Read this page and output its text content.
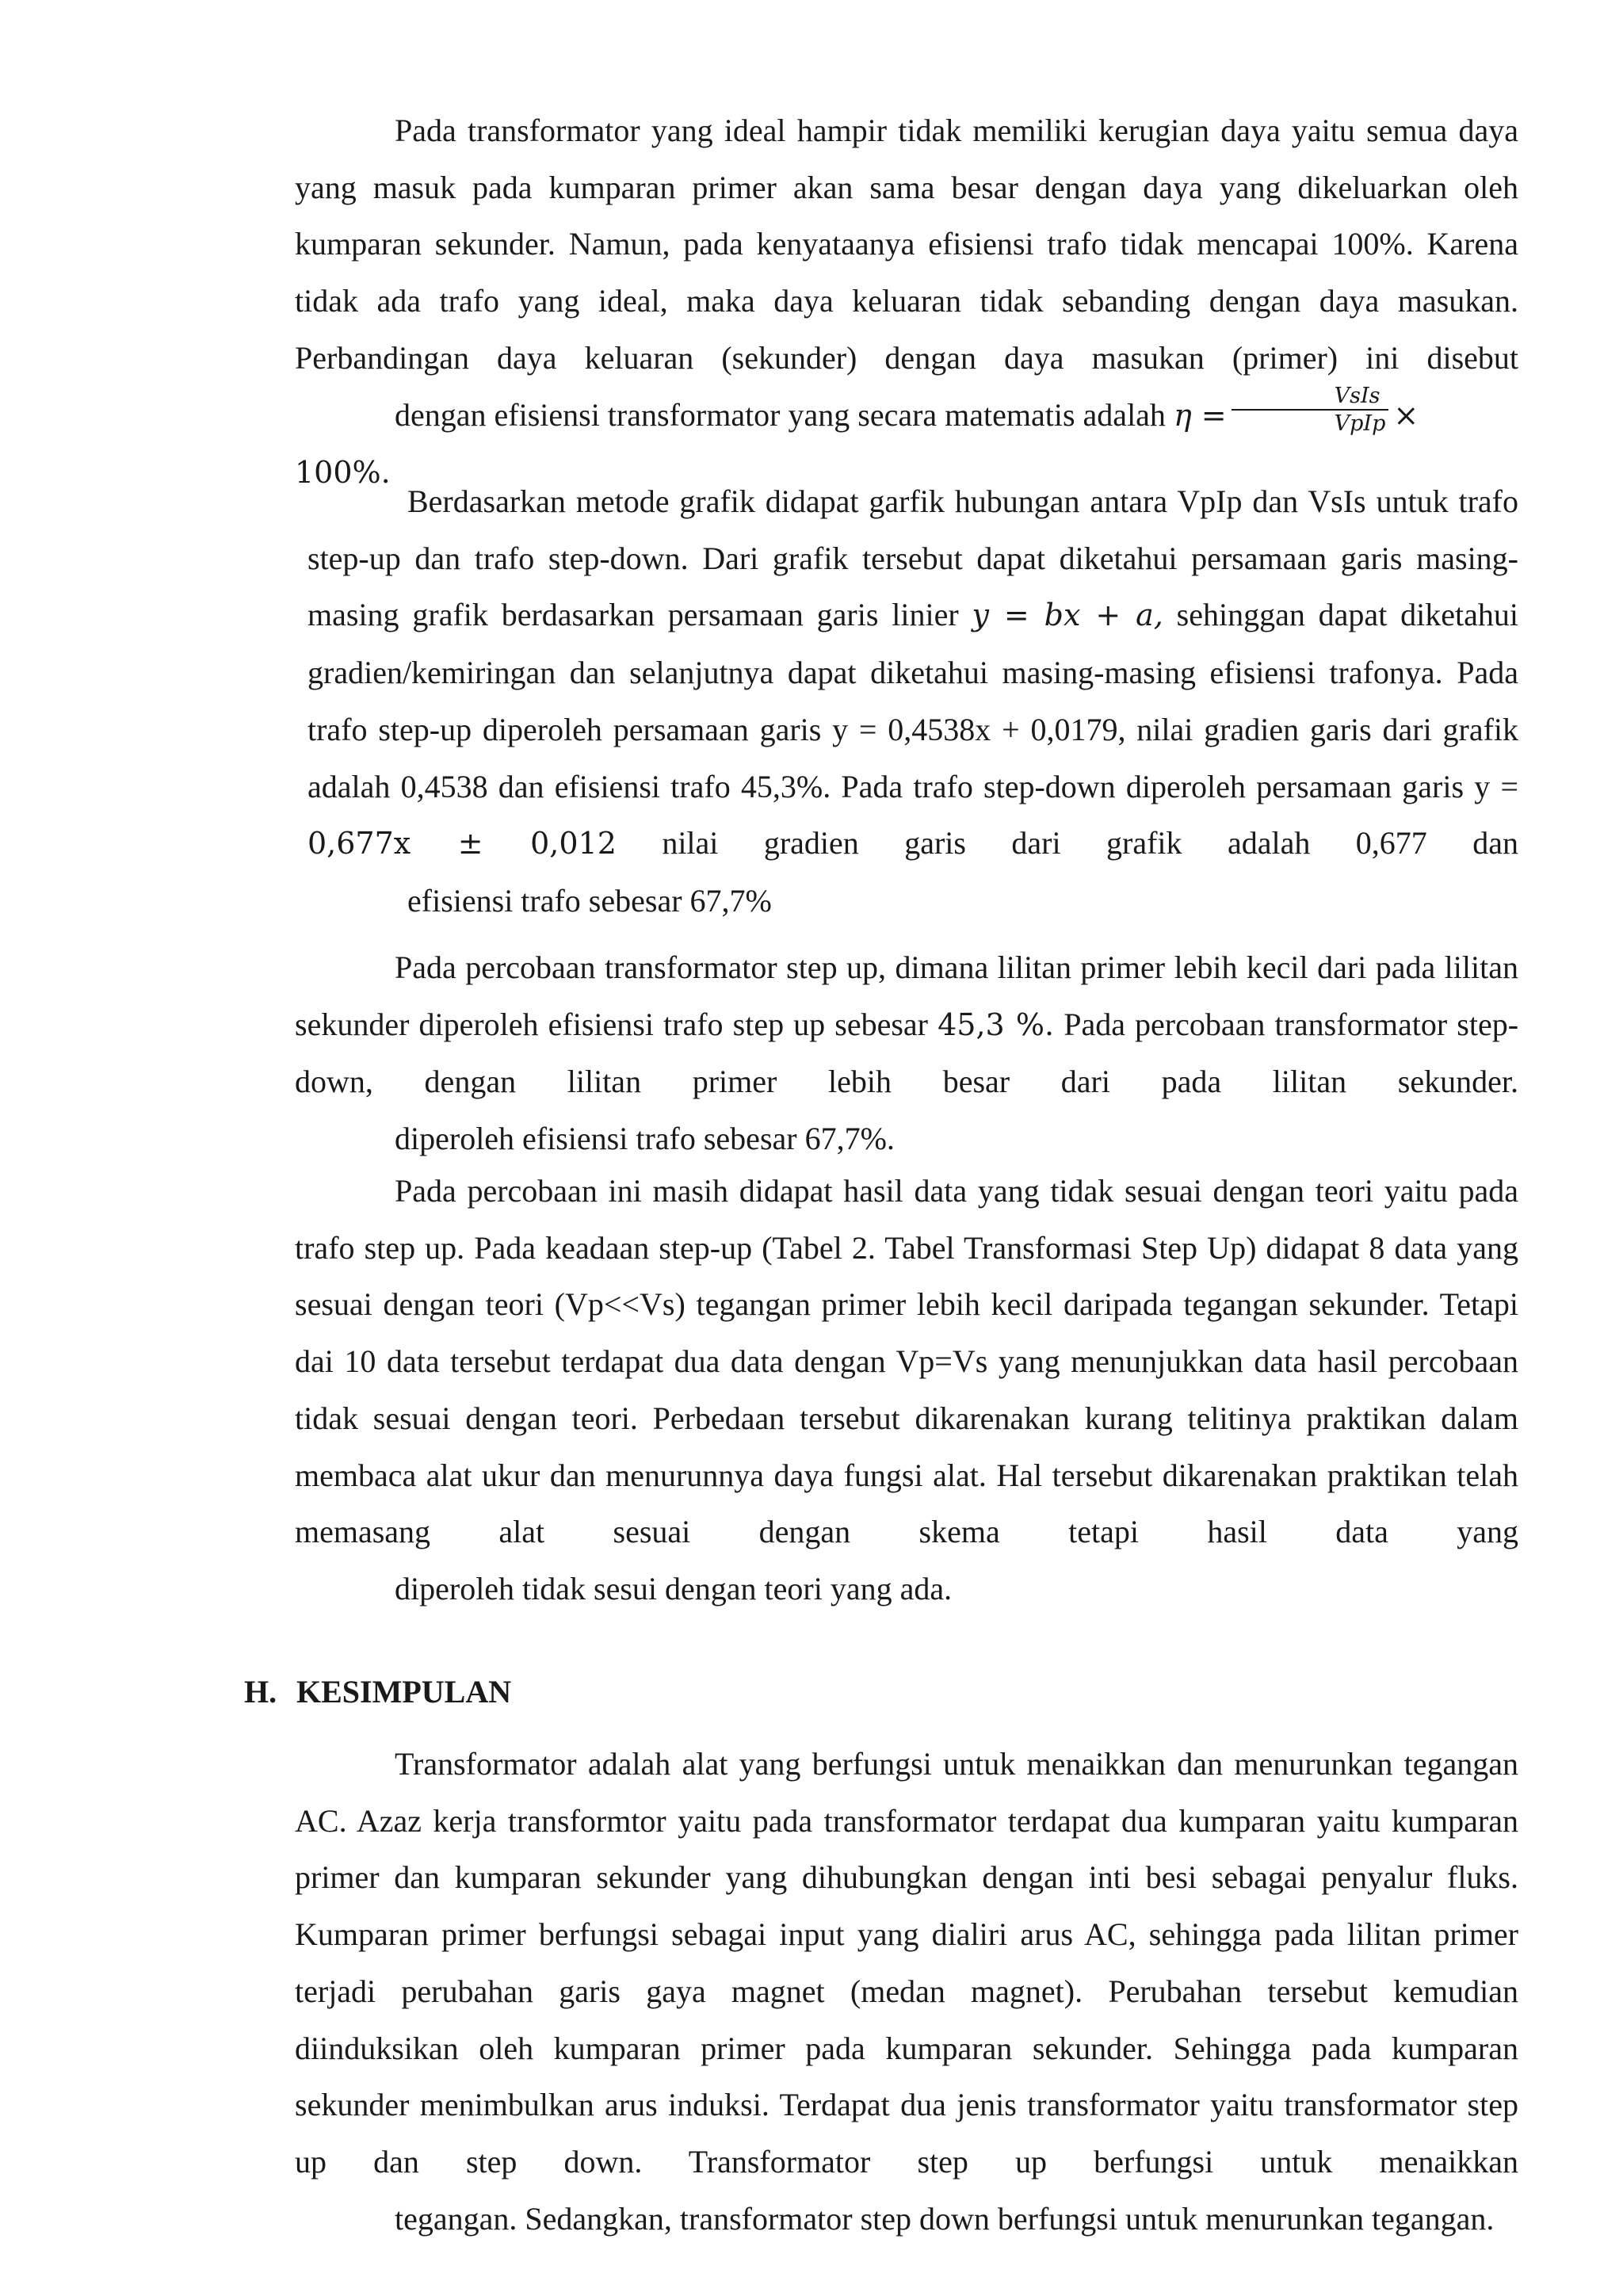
Pada transformator yang ideal hampir tidak memiliki kerugian daya yaitu semua daya yang masuk pada kumparan primer akan sama besar dengan daya yang dikeluarkan oleh kumparan sekunder. Namun, pada kenyataanya efisiensi trafo tidak mencapai 100%. Karena tidak ada trafo yang ideal, maka daya keluaran tidak sebanding dengan daya masukan. Perbandingan daya keluaran (sekunder) dengan daya masukan (primer) ini disebut
dengan efisiensi transformator yang secara matematis adalah $\eta = \frac{\text{VsIs}}{\text{VpIp}} \times 100\%$.

Berdasarkan metode grafik didapat garfik hubungan antara VpIp dan VsIs untuk trafo step-up dan trafo step-down. Dari grafik tersebut dapat diketahui persamaan garis masing-masing grafik berdasarkan persamaan garis linier y = bx + a, sehinggan dapat diketahui gradien/kemiringan dan selanjutnya dapat diketahui masing-masing efisiensi trafonya. Pada trafo step-up diperoleh persamaan garis y = 0,4538x + 0,0179, nilai gradien garis dari grafik adalah 0,4538 dan efisiensi trafo 45,3%. Pada trafo step-down diperoleh persamaan garis y = 0,677x ± 0,012 nilai gradien garis dari grafik adalah 0,677 dan
efisiensi trafo sebesar 67,7%

Pada percobaan transformator step up, dimana lilitan primer lebih kecil dari pada lilitan sekunder diperoleh efisiensi trafo step up sebesar 45,3 %. Pada percobaan transformator step-down, dengan lilitan primer lebih besar dari pada lilitan sekunder.
diperoleh efisiensi trafo sebesar 67,7%.

Pada percobaan ini masih didapat hasil data yang tidak sesuai dengan teori yaitu pada trafo step up. Pada keadaan step-up (Tabel 2. Tabel Transformasi Step Up) didapat 8 data yang sesuai dengan teori (Vp<<Vs) tegangan primer lebih kecil daripada tegangan sekunder. Tetapi dai 10 data tersebut terdapat dua data dengan Vp=Vs yang menunjukkan data hasil percobaan tidak sesuai dengan teori. Perbedaan tersebut dikarenakan kurang telitinya praktikan dalam membaca alat ukur dan menurunnya daya fungsi alat. Hal tersebut dikarenakan praktikan telah memasang alat sesuai dengan skema tetapi hasil data yang
diperoleh tidak sesui dengan teori yang ada.

H. KESIMPULAN

Transformator adalah alat yang berfungsi untuk menaikkan dan menurunkan tegangan AC. Azaz kerja transformtor yaitu pada transformator terdapat dua kumparan yaitu kumparan primer dan kumparan sekunder yang dihubungkan dengan inti besi sebagai penyalur fluks. Kumparan primer berfungsi sebagai input yang dialiri arus AC, sehingga pada lilitan primer terjadi perubahan garis gaya magnet (medan magnet). Perubahan tersebut kemudian diinduksikan oleh kumparan primer pada kumparan sekunder. Sehingga pada kumparan sekunder menimbulkan arus induksi. Terdapat dua jenis transformator yaitu transformator step up dan step down. Transformator step up berfungsi untuk menaikkan
tegangan. Sedangkan, transformator step down berfungsi untuk menurunkan tegangan.
